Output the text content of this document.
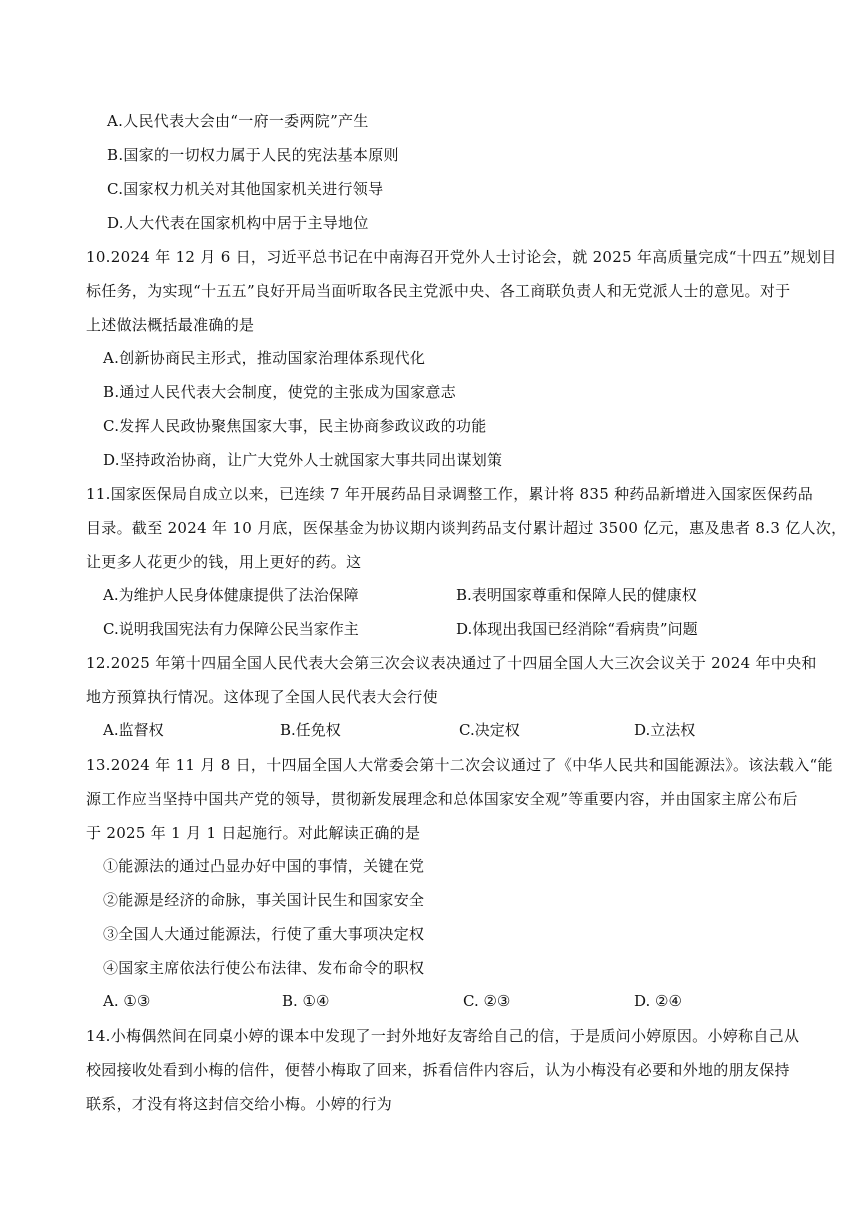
A.人民代表大会由“一府一委两院”产生
B.国家的一切权力属于人民的宪法基本原则
C.国家权力机关对其他国家机关进行领导
D.人大代表在国家机构中居于主导地位
10.2024 年 12 月 6 日，习近平总书记在中南海召开党外人士讨论会，就 2025 年高质量完成“十四五”规划目
标任务，为实现“十五五”良好开局当面听取各民主党派中央、各工商联负责人和无党派人士的意见。对于
上述做法概括最准确的是
A.创新协商民主形式，推动国家治理体系现代化
B.通过人民代表大会制度，使党的主张成为国家意志
C.发挥人民政协聚焦国家大事，民主协商参政议政的功能
D.坚持政治协商，让广大党外人士就国家大事共同出谋划策
11.国家医保局自成立以来，已连续 7 年开展药品目录调整工作，累计将 835 种药品新增进入国家医保药品
目录。截至 2024 年 10 月底，医保基金为协议期内谈判药品支付累计超过 3500 亿元，惠及患者 8.3 亿人次，
让更多人花更少的钱，用上更好的药。这
A.为维护人民身体健康提供了法治保障	B.表明国家尊重和保障人民的健康权
C.说明我国宪法有力保障公民当家作主	D.体现出我国已经消除“看病贵”问题
12.2025 年第十四届全国人民代表大会第三次会议表决通过了十四届全国人大三次会议关于 2024 年中央和
地方预算执行情况。这体现了全国人民代表大会行使
A.监督权	B.任免权	C.决定权	D.立法权
13.2024 年 11 月 8 日，十四届全国人大常委会第十二次会议通过了《中华人民共和国能源法》。该法载入“能
源工作应当坚持中国共产党的领导，贯彻新发展理念和总体国家安全观”等重要内容，并由国家主席公布后
于 2025 年 1 月 1 日起施行。对此解读正确的是
①能源法的通过凸显办好中国的事情，关键在党
②能源是经济的命脉，事关国计民生和国家安全
③全国人大通过能源法，行使了重大事项决定权
④国家主席依法行使公布法律、发布命令的职权
A. ①③	B. ①④	C. ②③	D. ②④
14.小梅偶然间在同桌小婷的课本中发现了一封外地好友寄给自己的信，于是质问小婷原因。小婷称自己从
校园接收处看到小梅的信件，便替小梅取了回来，拆看信件内容后，认为小梅没有必要和外地的朋友保持
联系，才没有将这封信交给小梅。小婷的行为
